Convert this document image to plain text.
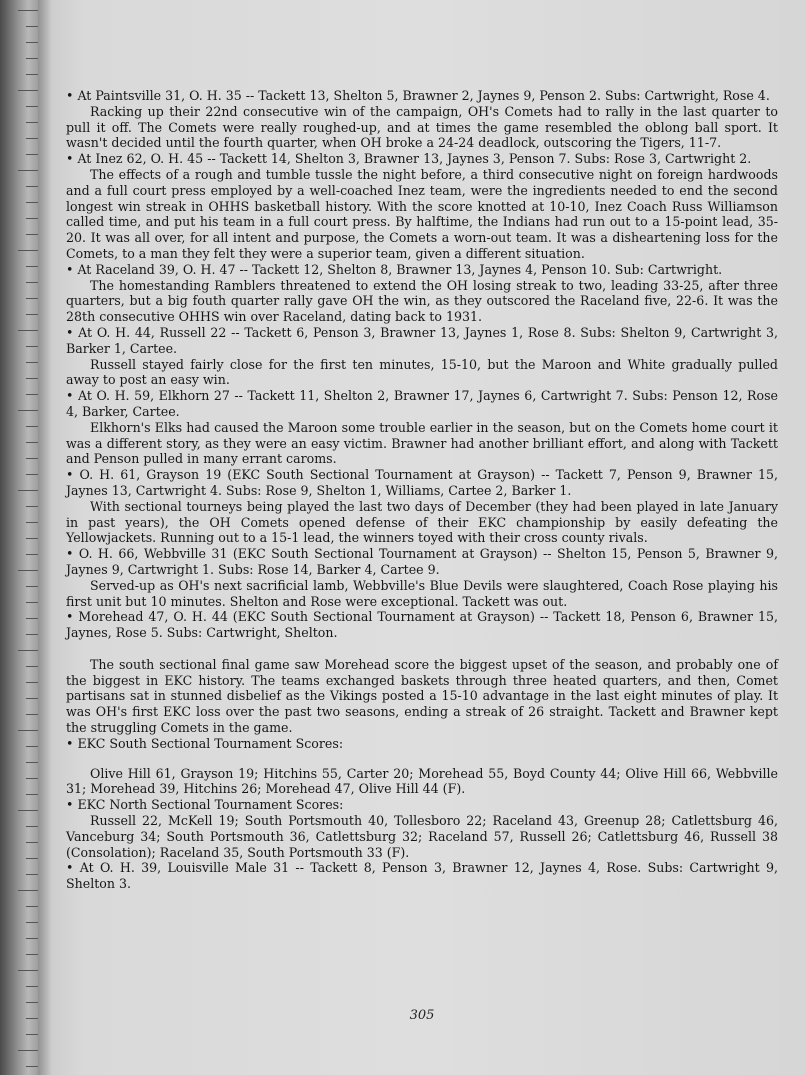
• At Paintsville 31, O. H. 35 -- Tackett 13, Shelton 5, Brawner 2, Jaynes 9, Penson 2. Subs: Cartwright, Rose 4.

Racking up their 22nd consecutive win of the campaign, OH's Comets had to rally in the last quarter to pull it off. The Comets were really roughed-up, and at times the game resembled the oblong ball sport. It wasn't decided until the fourth quarter, when OH broke a 24-24 deadlock, outscoring the Tigers, 11-7.

• At Inez 62, O. H. 45 -- Tackett 14, Shelton 3, Brawner 13, Jaynes 3, Penson 7. Subs: Rose 3, Cartwright 2.

The effects of a rough and tumble tussle the night before, a third consecutive night on foreign hardwoods and a full court press employed by a well-coached Inez team, were the ingredients needed to end the second longest win streak in OHHS basketball history. With the score knotted at 10-10, Inez Coach Russ Williamson called time, and put his team in a full court press. By halftime, the Indians had run out to a 15-point lead, 35-20. It was all over, for all intent and purpose, the Comets a worn-out team. It was a disheartening loss for the Comets, to a man they felt they were a superior team, given a different situation.

• At Raceland 39, O. H. 47 -- Tackett 12, Shelton 8, Brawner 13, Jaynes 4, Penson 10. Sub: Cartwright.

The homestanding Ramblers threatened to extend the OH losing streak to two, leading 33-25, after three quarters, but a big fouth quarter rally gave OH the win, as they outscored the Raceland five, 22-6. It was the 28th consecutive OHHS win over Raceland, dating back to 1931.

• At O. H. 44, Russell 22 -- Tackett 6, Penson 3, Brawner 13, Jaynes 1, Rose 8. Subs: Shelton 9, Cartwright 3, Barker 1, Cartee.

Russell stayed fairly close for the first ten minutes, 15-10, but the Maroon and White gradually pulled away to post an easy win.

• At O. H. 59, Elkhorn 27 -- Tackett 11, Shelton 2, Brawner 17, Jaynes 6, Cartwright 7. Subs: Penson 12, Rose 4, Barker, Cartee.

Elkhorn's Elks had caused the Maroon some trouble earlier in the season, but on the Comets home court it was a different story, as they were an easy victim. Brawner had another brilliant effort, and along with Tackett and Penson pulled in many errant caroms.

• O. H. 61, Grayson 19 (EKC South Sectional Tournament at Grayson) -- Tackett 7, Penson 9, Brawner 15, Jaynes 13, Cartwright 4. Subs: Rose 9, Shelton 1, Williams, Cartee 2, Barker 1.

With sectional tourneys being played the last two days of December (they had been played in late January in past years), the OH Comets opened defense of their EKC championship by easily defeating the Yellowjackets. Running out to a 15-1 lead, the winners toyed with their cross county rivals.

• O. H. 66, Webbville 31 (EKC South Sectional Tournament at Grayson) -- Shelton 15, Penson 5, Brawner 9, Jaynes 9, Cartwright 1. Subs: Rose 14, Barker 4, Cartee 9.

Served-up as OH's next sacrificial lamb, Webbville's Blue Devils were slaughtered, Coach Rose playing his first unit but 10 minutes. Shelton and Rose were exceptional. Tackett was out.

• Morehead 47, O. H. 44 (EKC South Sectional Tournament at Grayson) -- Tackett 18, Penson 6, Brawner 15, Jaynes, Rose 5. Subs: Cartwright, Shelton.

The south sectional final game saw Morehead score the biggest upset of the season, and probably one of the biggest in EKC history. The teams exchanged baskets through three heated quarters, and then, Comet partisans sat in stunned disbelief as the Vikings posted a 15-10 advantage in the last eight minutes of play. It was OH's first EKC loss over the past two seasons, ending a streak of 26 straight. Tackett and Brawner kept the struggling Comets in the game.

• EKC South Sectional Tournament Scores:

Olive Hill 61, Grayson 19; Hitchins 55, Carter 20; Morehead 55, Boyd County 44; Olive Hill 66, Webbville 31; Morehead 39, Hitchins 26; Morehead 47, Olive Hill 44 (F).

• EKC North Sectional Tournament Scores:

Russell 22, McKell 19; South Portsmouth 40, Tollesboro 22; Raceland 43, Greenup 28; Catlettsburg 46, Vanceburg 34; South Portsmouth 36, Catlettsburg 32; Raceland 57, Russell 26; Catlettsburg 46, Russell 38 (Consolation); Raceland 35, South Portsmouth 33 (F).

• At O. H. 39, Louisville Male 31 -- Tackett 8, Penson 3, Brawner 12, Jaynes 4, Rose. Subs: Cartwright 9, Shelton 3.

305
